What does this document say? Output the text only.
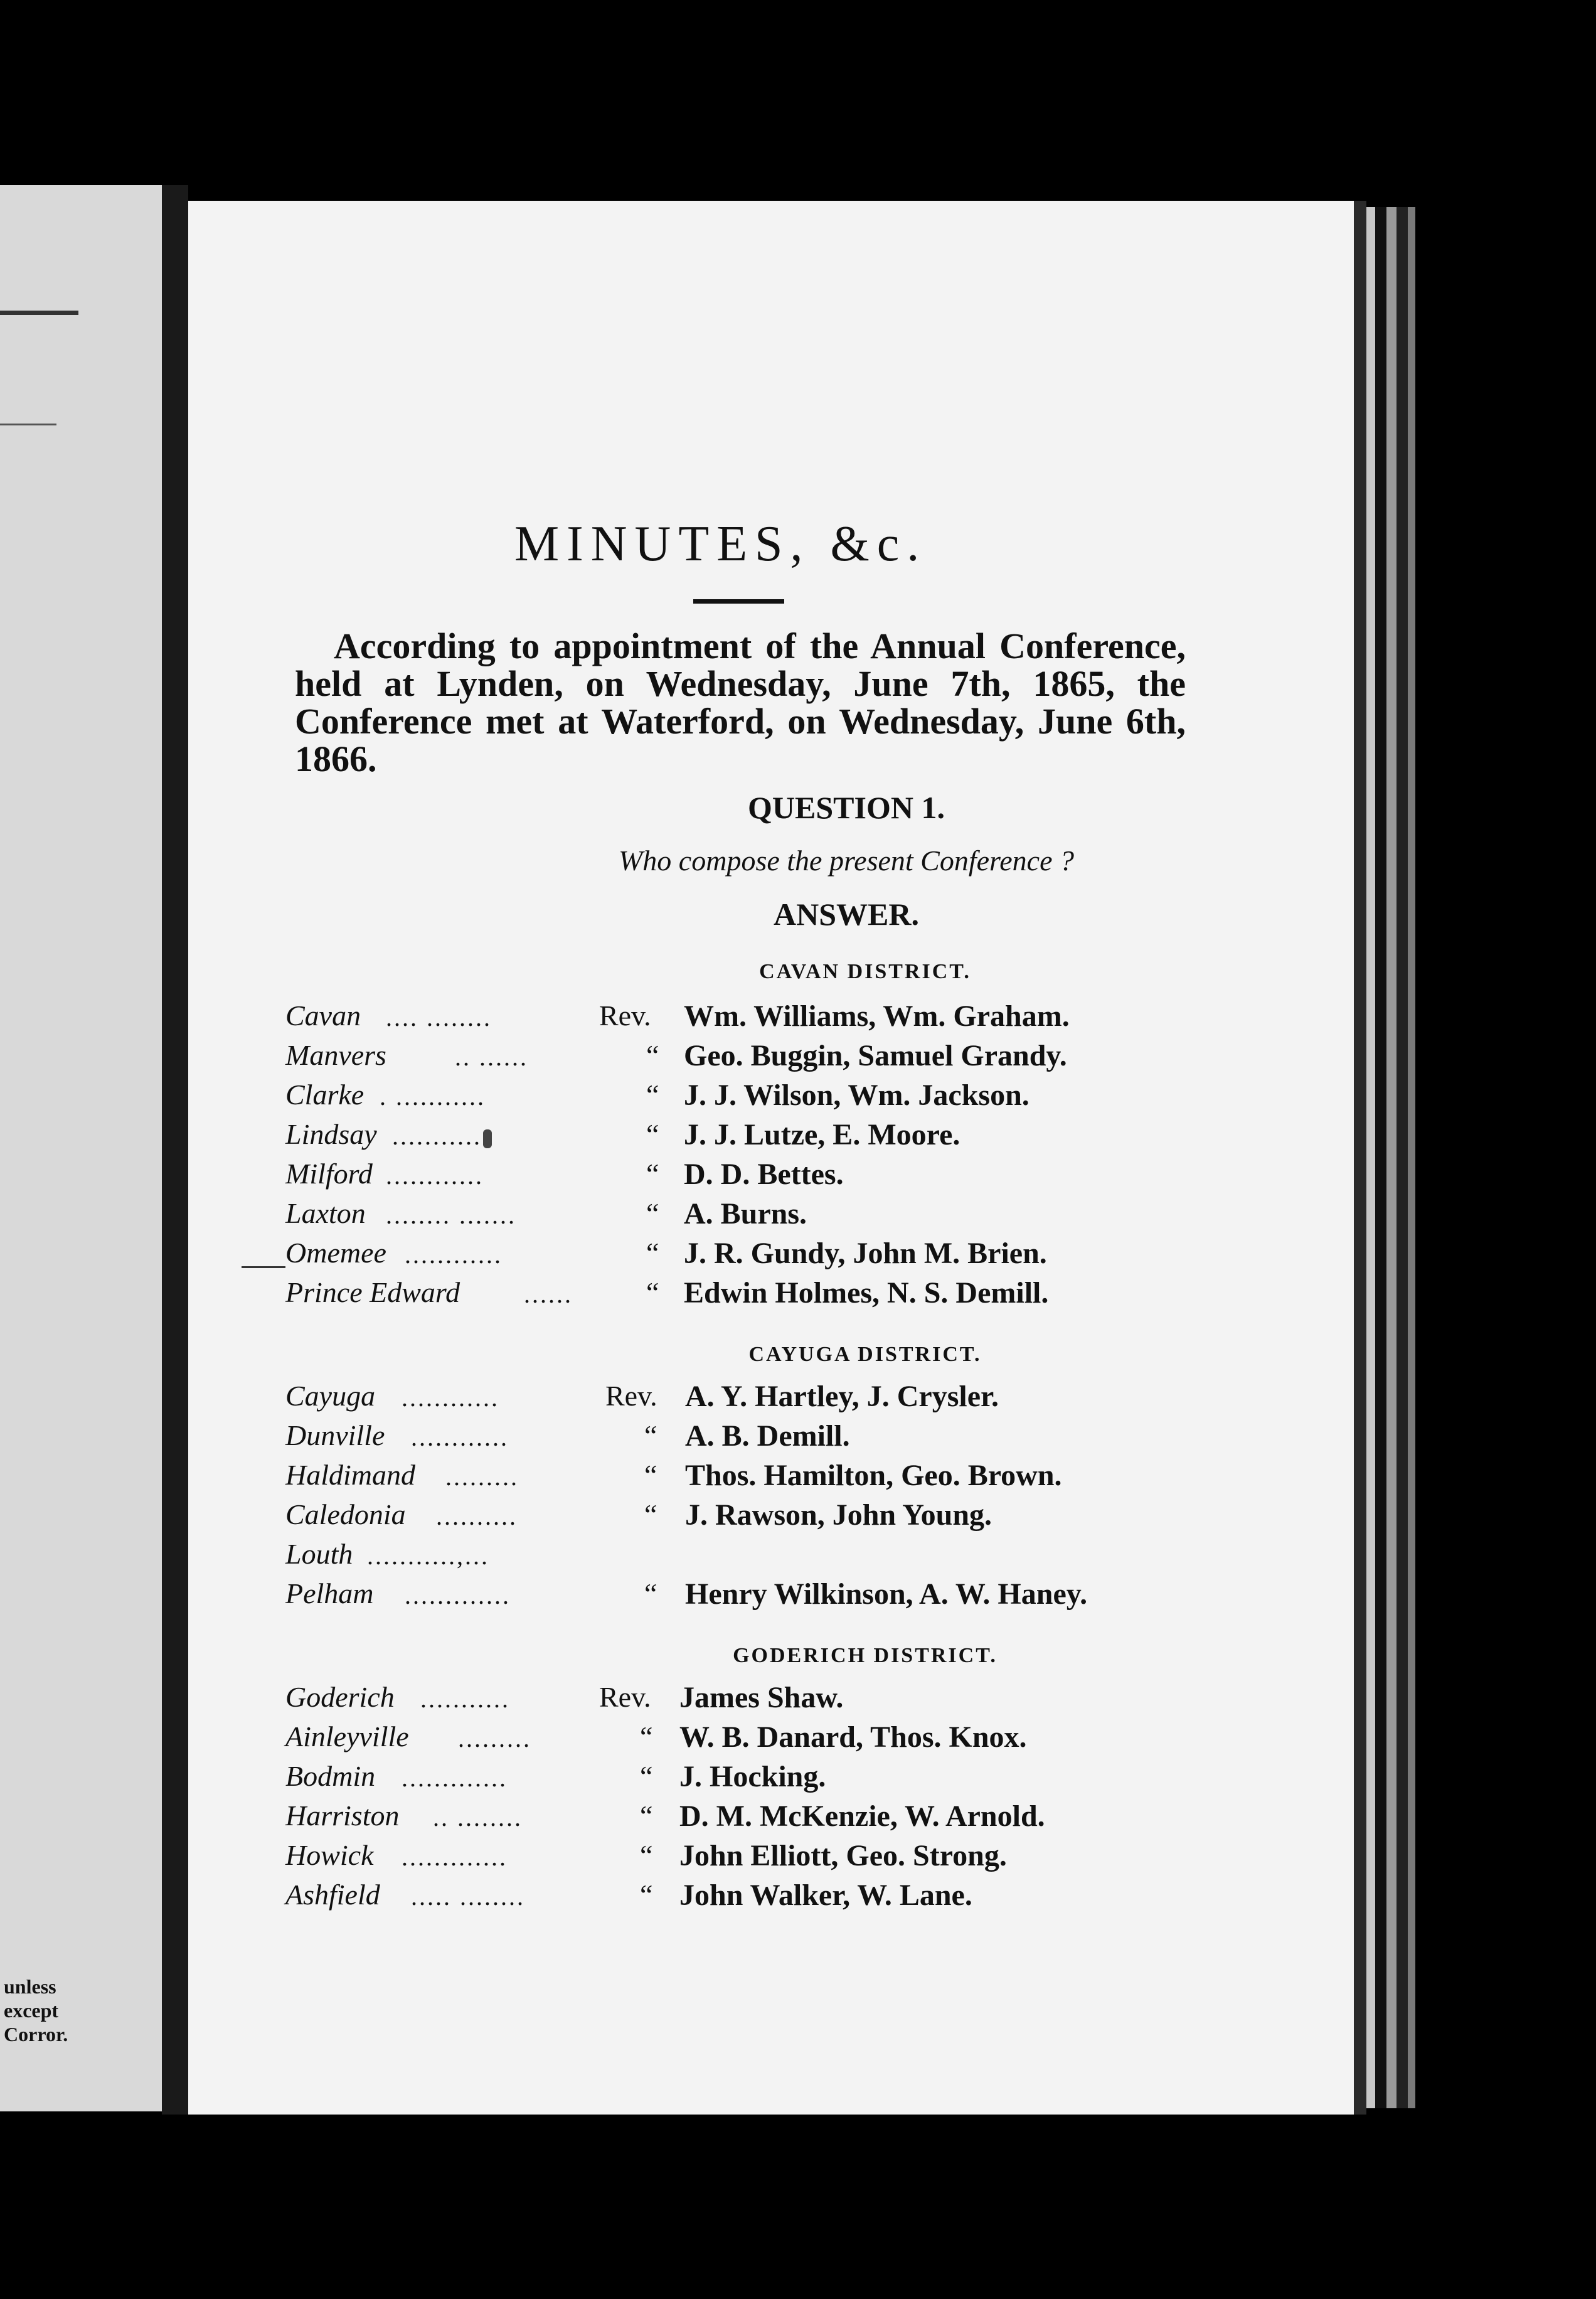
unless
except
Corror.
MINUTES, &c.
According to appointment of the Annual Conference, held at Lynden, on Wednesday, June 7th, 1865, the Conference met at Waterford, on Wednesday, June 6th, 1866.
QUESTION 1.
Who compose the present Conference ?
ANSWER.
CAVAN DISTRICT.
CAYUGA DISTRICT.
GODERICH DISTRICT.
Cavan .... ........	Rev. Wm. Williams, Wm. Graham.
Manvers	.. ......	“ Geo. Buggin, Samuel Grandy.
Clarke . ...........	“ J. J. Wilson, Wm. Jackson.
Lindsay ...........	“ J. J. Lutze, E. Moore.
Milford ............	“ D. D. Bettes.
Laxton ........ .......	“ A. Burns.
Omemee ............	“ J. R. Gundy, John M. Brien.
Prince Edward	......	“ Edwin Holmes, N. S. Demill.
Cayuga ............	Rev. A. Y. Hartley, J. Crysler.
Dunville ............	“ A. B. Demill.
Haldimand .........	“ Thos. Hamilton, Geo. Brown.
Caledonia ..........	“ J. Rawson, John Young.
Louth ...........,...
Pelham .............	“ Henry Wilkinson, A. W. Haney.
Goderich ...........	Rev. James Shaw.
Ainleyville .........	“ W. B. Danard, Thos. Knox.
Bodmin .............	“ J. Hocking.
Harriston .. ........	“ D. M. McKenzie, W. Arnold.
Howick .............	“ John Elliott, Geo. Strong.
Ashfield ..... ........	“ John Walker, W. Lane.
